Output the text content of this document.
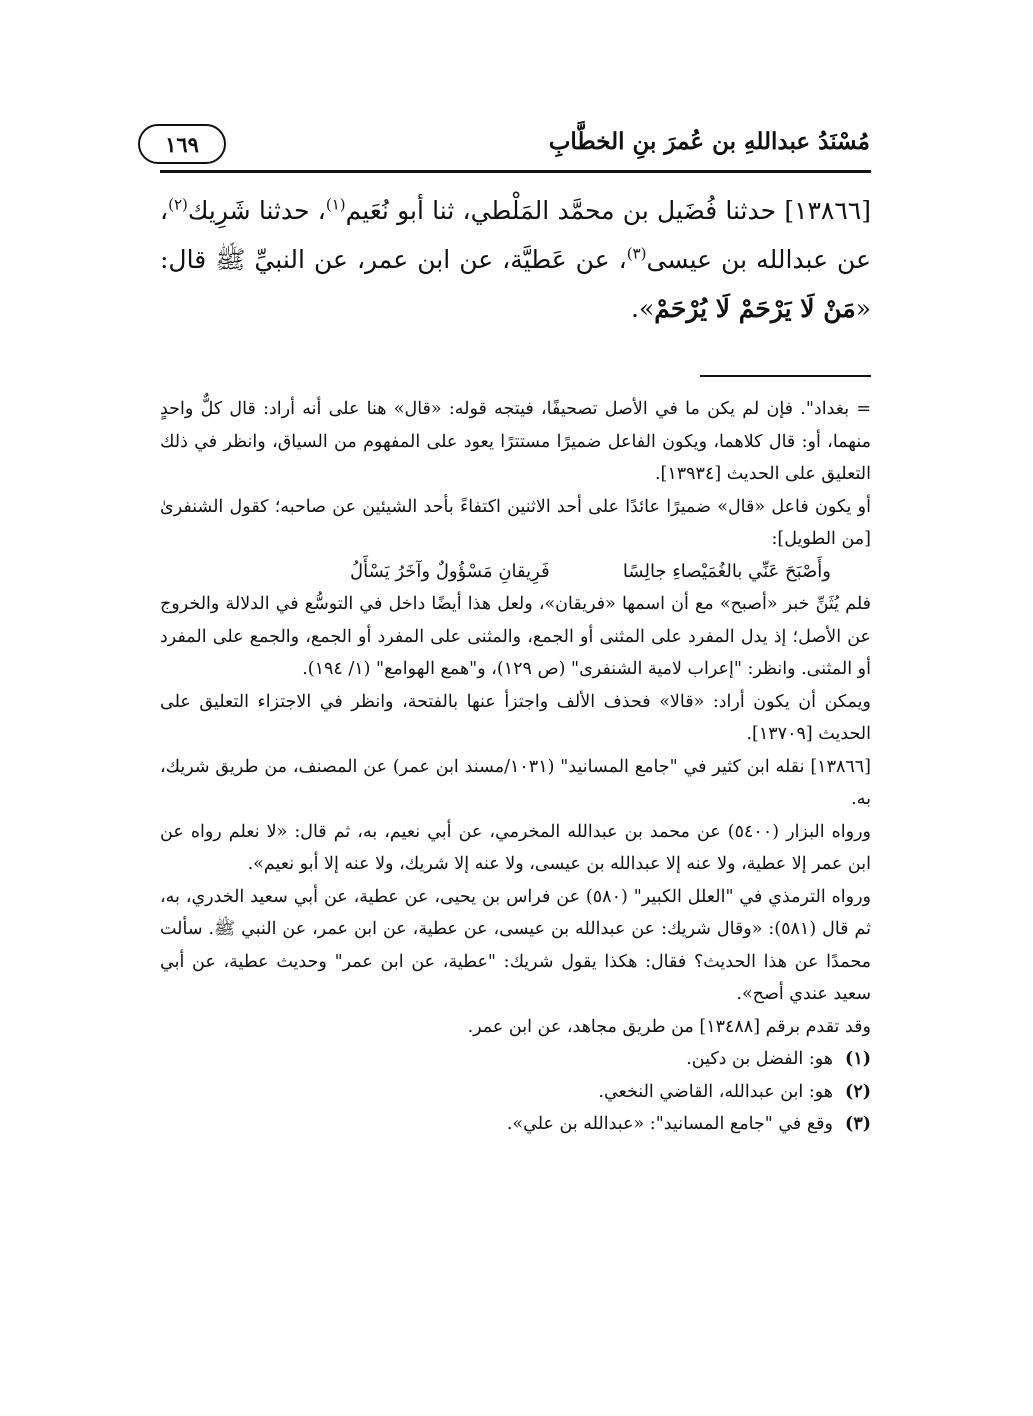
مُسْنَدُ عبداللهِ بن عُمرَ بنِ الخطَّابِ
١٦٩
[١٣٨٦٦] حدثنا فُضَيل بن محمَّد المَلْطي، ثنا أبو نُعَيم$^{(١)}$، حدثنا شَرِيك$^{(٢)}$، عن عبدالله بن عيسى$^{(٣)}$، عن عَطيَّة، عن ابن عمر، عن النبيِّ ﷺ قال: «مَنْ لَا يَرْحَمْ لَا يُرْحَمْ».

= بغداد". فإن لم يكن ما في الأصل تصحيفًا، فيتجه قوله: «قال» هنا على أنه أراد: قال كلٌّ واحدٍ منهما، أو: قال كلاهما، ويكون الفاعل ضميرًا مستترًا يعود على المفهوم من السياق، وانظر في ذلك التعليق على الحديث [١٣٩٣٤].

أو يكون فاعل «قال» ضميرًا عائدًا على أحد الاثنين اكتفاءً بأحد الشيئين عن صاحبه؛ كقول الشنفرىٰ [من الطويل]:

وأَصْبَحَ عَنِّي بالغُمَيْصاءِ جالِسًا
فَرِيقانِ مَسْؤُولٌ وآخَرُ يَسْأَلُ

فلم يُثَنِّ خبر «أصبح» مع أن اسمها «فريقان»، ولعل هذا أيضًا داخل في التوسُّع في الدلالة والخروج عن الأصل؛ إذ يدل المفرد على المثنى أو الجمع، والمثنى على المفرد أو الجمع، والجمع على المفرد أو المثنى. وانظر: "إعراب لامية الشنفرى" (ص ١٢٩)، و"همع الهوامع" (١/ ١٩٤).

ويمكن أن يكون أراد: «قالا» فحذف الألف واجتزأ عنها بالفتحة، وانظر في الاجتزاء التعليق على الحديث [١٣٧٠٩].

[١٣٨٦٦] نقله ابن كثير في "جامع المسانيد" (١٠٣١/مسند ابن عمر) عن المصنف، من طريق شريك، به.

ورواه البزار (٥٤٠٠) عن محمد بن عبدالله المخرمي، عن أبي نعيم، به، ثم قال: «لا نعلم رواه عن ابن عمر إلا عطية، ولا عنه إلا عبدالله بن عيسى، ولا عنه إلا شريك، ولا عنه إلا أبو نعيم».

ورواه الترمذي في "العلل الكبير" (٥٨٠) عن فراس بن يحيى، عن عطية، عن أبي سعيد الخدري، به، ثم قال (٥٨١): «وقال شريك: عن عبدالله بن عيسى، عن عطية، عن ابن عمر، عن النبي ﷺ. سألت محمدًا عن هذا الحديث؟ فقال: هكذا يقول شريك: "عطية، عن ابن عمر" وحديث عطية، عن أبي سعيد عندي أصح».

وقد تقدم برقم [١٣٤٨٨] من طريق مجاهد، عن ابن عمر.

(١)هو: الفضل بن دكين.

(٢)هو: ابن عبدالله، القاضي النخعي.

(٣)وقع في "جامع المسانيد": «عبدالله بن علي».
